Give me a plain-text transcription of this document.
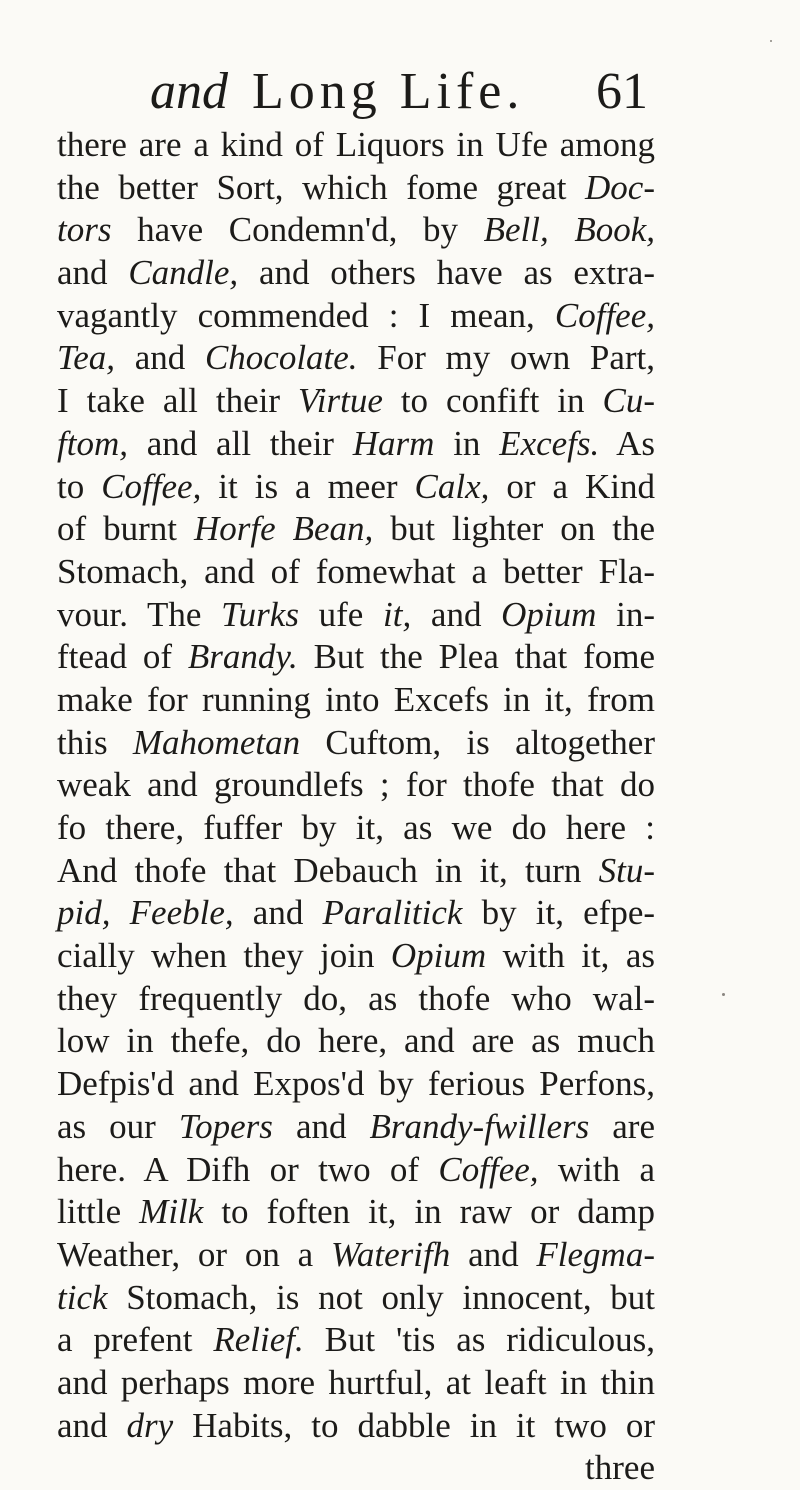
and Long Life. 61
there are a kind of Liquors in Ufe among
the better Sort, which fome great Doc-
tors have Condemn'd, by Bell, Book,
and Candle, and others have as extra-
vagantly commended : I mean, Coffee,
Tea, and Chocolate. For my own Part,
I take all their Virtue to confift in Cu-
ftom, and all their Harm in Excefs. As
to Coffee, it is a meer Calx, or a Kind
of burnt Horfe Bean, but lighter on the
Stomach, and of fomewhat a better Fla-
vour. The Turks ufe it, and Opium in-
ftead of Brandy. But the Plea that fome
make for running into Excefs in it, from
this Mahometan Cuftom, is altogether
weak and groundlefs ; for thofe that do
fo there, fuffer by it, as we do here :
And thofe that Debauch in it, turn Stu-
pid, Feeble, and Paralitick by it, efpe-
cially when they join Opium with it, as
they frequently do, as thofe who wal-
low in thefe, do here, and are as much
Defpis'd and Expos'd by ferious Perfons,
as our Topers and Brandy-fwillers are
here. A Difh or two of Coffee, with a
little Milk to foften it, in raw or damp
Weather, or on a Waterifh and Flegma-
tick Stomach, is not only innocent, but
a prefent Relief. But 'tis as ridiculous,
and perhaps more hurtful, at leaft in thin
and dry Habits, to dabble in it two or
three
